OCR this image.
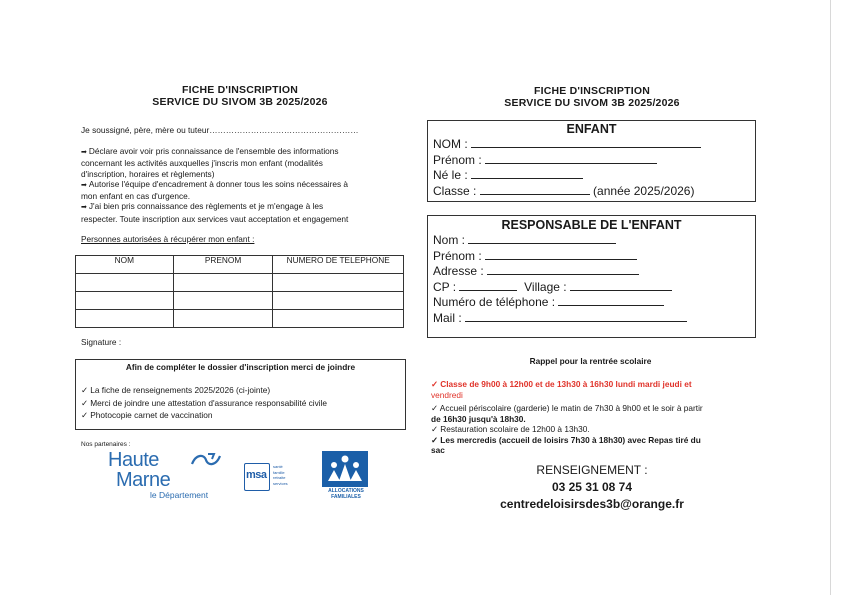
FICHE D'INSCRIPTION
SERVICE DU SIVOM 3B 2025/2026
Je soussigné, père, mère ou tuteur………………………………………………
➡ Déclare avoir voir pris connaissance de l'ensemble des informations
concernant les activités auxquelles j'inscris mon enfant (modalités
d'inscription, horaires et règlements)
➡ Autorise l'équipe d'encadrement à donner tous les soins nécessaires à
mon enfant en cas d'urgence.
➡ J'ai bien pris connaissance des règlements et je m'engage à les
respecter. Toute inscription aux services vaut acceptation et engagement
Personnes autorisées à récupérer mon enfant :
NOM	PRENOM	NUMERO DE TELEPHONE

Signature :
Afin de compléter le dossier d'inscription merci de joindre
✓ La fiche de renseignements 2025/2026 (ci-jointe)
✓ Merci de joindre une attestation d'assurance responsabilité civile
✓ Photocopie carnet de vaccination
Nos partenaires :
Haute
Marne
le Département
msa
santé
famille
retraite
services
ALLOCATIONS
FAMILIALES
FICHE D'INSCRIPTION
SERVICE DU SIVOM 3B 2025/2026
ENFANT
NOM :
Prénom :
Né le :
Classe :	(année 2025/2026)
RESPONSABLE DE L'ENFANT
Nom :
Prénom :
Adresse :
CP :	Village :
Numéro de téléphone :
Mail :
Rappel pour la rentrée scolaire
✓ Classe de 9h00 à 12h00 et de 13h30 à 16h30 lundi mardi jeudi et
vendredi
✓ Accueil périscolaire (garderie) le matin de 7h30 à 9h00 et le soir à partir
de 16h30 jusqu'à 18h30.
✓ Restauration scolaire de 12h00 à 13h30.
✓ Les mercredis (accueil de loisirs 7h30 à 18h30) avec Repas tiré du
sac
RENSEIGNEMENT :
03 25 31 08 74
centredeloisirsdes3b@orange.fr
